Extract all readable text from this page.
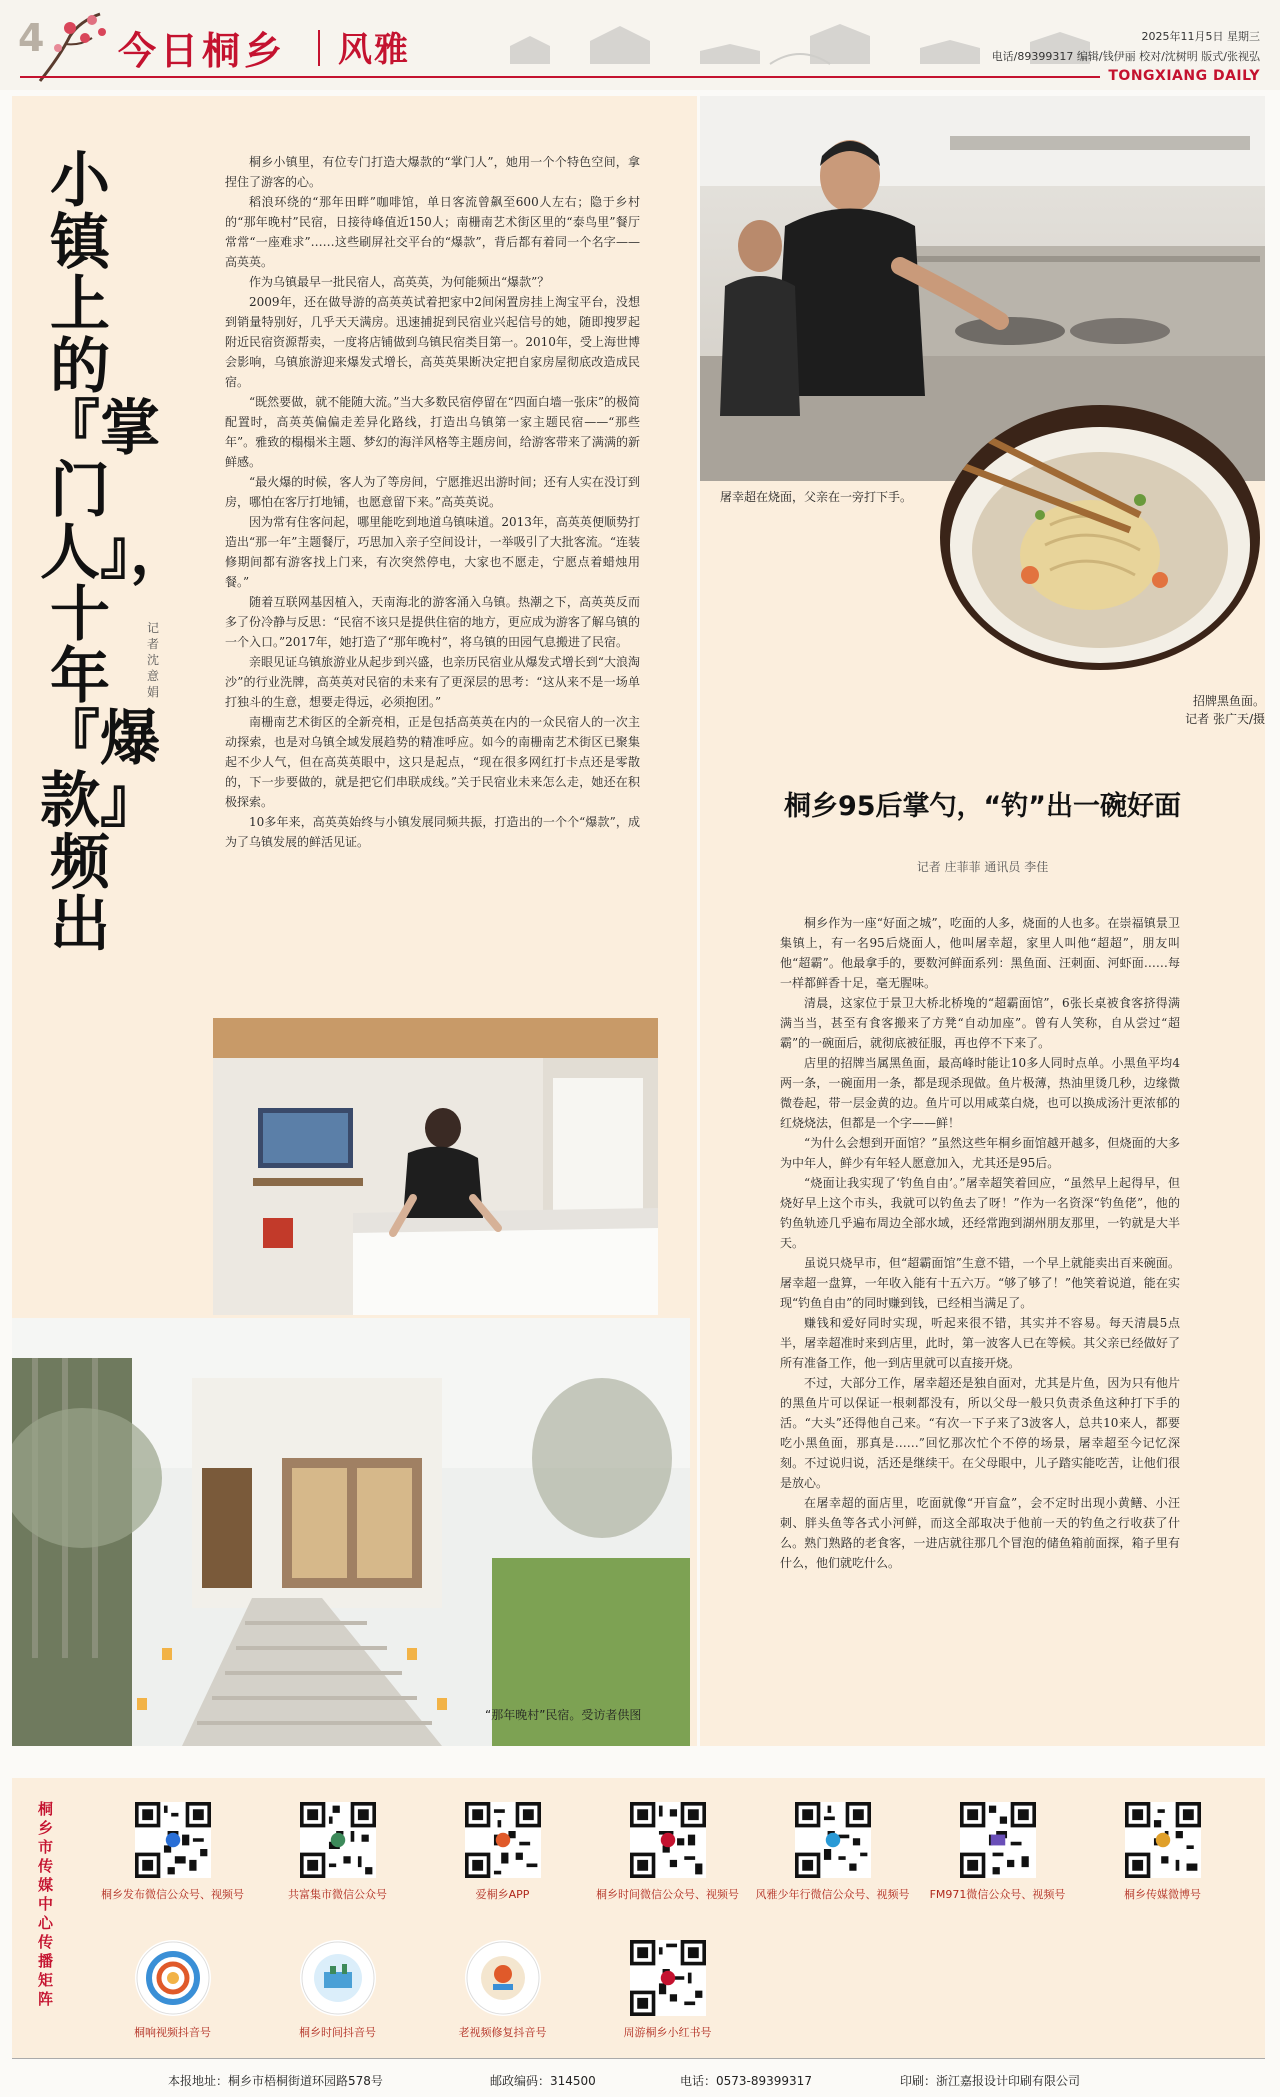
4 今日桐乡 风雅	2025年11月5日 星期三
电话/89399317 编辑/钱伊丽 校对/沈树明 版式/张视弘
TONGXIANG DAILY
小镇上的『掌门人』，十年『爆款』频出
记者 沈意娟

桐乡小镇里，有位专门打造大爆款的“掌门人”，她用一个个特色空间，拿捏住了游客的心。

稻浪环绕的“那年田畔”咖啡馆，单日客流曾飙至600人左右；隐于乡村的“那年晚村”民宿，日接待峰值近150人；南栅南艺术街区里的“泰鸟里”餐厅常常“一座难求”……这些刷屏社交平台的“爆款”，背后都有着同一个名字——高英英。

作为乌镇最早一批民宿人，高英英，为何能频出“爆款”？

2009年，还在做导游的高英英试着把家中2间闲置房挂上淘宝平台，没想到销量特别好，几乎天天满房。迅速捕捉到民宿业兴起信号的她，随即搜罗起附近民宿资源帮卖，一度将店铺做到乌镇民宿类目第一。2010年，受上海世博会影响，乌镇旅游迎来爆发式增长，高英英果断决定把自家房屋彻底改造成民宿。

“既然要做，就不能随大流。”当大多数民宿停留在“四面白墙一张床”的极简配置时，高英英偏偏走差异化路线，打造出乌镇第一家主题民宿——“那些年”。雅致的榻榻米主题、梦幻的海洋风格等主题房间，给游客带来了满满的新鲜感。

“最火爆的时候，客人为了等房间，宁愿推迟出游时间；还有人实在没订到房，哪怕在客厅打地铺，也愿意留下来。”高英英说。

因为常有住客问起，哪里能吃到地道乌镇味道。2013年，高英英便顺势打造出“那一年”主题餐厅，巧思加入亲子空间设计，一举吸引了大批客流。“连装修期间都有游客找上门来，有次突然停电，大家也不愿走，宁愿点着蜡烛用餐。”

随着互联网基因植入，天南海北的游客涌入乌镇。热潮之下，高英英反而多了份冷静与反思：“民宿不该只是提供住宿的地方，更应成为游客了解乌镇的一个入口。”2017年，她打造了“那年晚村”，将乌镇的田园气息搬进了民宿。

亲眼见证乌镇旅游业从起步到兴盛，也亲历民宿业从爆发式增长到“大浪淘沙”的行业洗牌，高英英对民宿的未来有了更深层的思考：“这从来不是一场单打独斗的生意，想要走得远，必须抱团。”

南栅南艺术街区的全新亮相，正是包括高英英在内的一众民宿人的一次主动探索，也是对乌镇全域发展趋势的精准呼应。如今的南栅南艺术街区已聚集起不少人气，但在高英英眼中，这只是起点，“现在很多网红打卡点还是零散的，下一步要做的，就是把它们串联成线。”关于民宿业未来怎么走，她还在积极探索。

10多年来，高英英始终与小镇发展同频共振，打造出的一个个“爆款”，成为了乌镇发展的鲜活见证。

屠幸超在烧面，父亲在一旁打下手。
招牌黑鱼面。
记者 张广天/摄
桐乡95后掌勺，“钓”出一碗好面
记者 庄菲菲 通讯员 李佳

桐乡作为一座“好面之城”，吃面的人多，烧面的人也多。在崇福镇景卫集镇上，有一名95后烧面人，他叫屠幸超，家里人叫他“超超”，朋友叫他“超霸”。他最拿手的，要数河鲜面系列：黑鱼面、汪刺面、河虾面……每一样都鲜香十足，毫无腥味。

清晨，这家位于景卫大桥北桥堍的“超霸面馆”，6张长桌被食客挤得满满当当，甚至有食客搬来了方凳“自动加座”。曾有人笑称，自从尝过“超霸”的一碗面后，就彻底被征服，再也停不下来了。

店里的招牌当属黑鱼面，最高峰时能让10多人同时点单。小黑鱼平均4两一条，一碗面用一条，都是现杀现做。鱼片极薄，热油里烫几秒，边缘微微卷起，带一层金黄的边。鱼片可以用咸菜白烧，也可以换成汤汁更浓郁的红烧烧法，但都是一个字——鲜！

“为什么会想到开面馆？”虽然这些年桐乡面馆越开越多，但烧面的大多为中年人，鲜少有年轻人愿意加入，尤其还是95后。

“烧面让我实现了‘钓鱼自由’。”屠幸超笑着回应，“虽然早上起得早，但烧好早上这个市头，我就可以钓鱼去了呀！”作为一名资深“钓鱼佬”，他的钓鱼轨迹几乎遍布周边全部水域，还经常跑到湖州朋友那里，一钓就是大半天。

虽说只烧早市，但“超霸面馆”生意不错，一个早上就能卖出百来碗面。屠幸超一盘算，一年收入能有十五六万。“够了够了！”他笑着说道，能在实现“钓鱼自由”的同时赚到钱，已经相当满足了。

赚钱和爱好同时实现，听起来很不错，其实并不容易。每天清晨5点半，屠幸超准时来到店里，此时，第一波客人已在等候。其父亲已经做好了所有准备工作，他一到店里就可以直接开烧。

不过，大部分工作，屠幸超还是独自面对，尤其是片鱼，因为只有他片的黑鱼片可以保证一根刺都没有，所以父母一般只负责杀鱼这种打下手的活。“大头”还得他自己来。“有次一下子来了3波客人，总共10来人，都要吃小黑鱼面，那真是……”回忆那次忙个不停的场景，屠幸超至今记忆深刻。不过说归说，活还是继续干。在父母眼中，儿子踏实能吃苦，让他们很是放心。

在屠幸超的面店里，吃面就像“开盲盒”，会不定时出现小黄鳝、小汪刺、胖头鱼等各式小河鲜，而这全部取决于他前一天的钓鱼之行收获了什么。熟门熟路的老食客，一进店就往那几个冒泡的储鱼箱前面探，箱子里有什么，他们就吃什么。

“那年晚村”民宿。受访者供图
桐乡市传媒中心传播矩阵
桐乡发布微信公众号、视频号	共富集市微信公众号	爱桐乡APP	桐乡时间微信公众号、视频号	风雅少年行微信公众号、视频号	FM971微信公众号、视频号	桐乡传媒微博号
桐响视频抖音号	桐乡时间抖音号	老视频修复抖音号	周游桐乡小红书号
本报地址：桐乡市梧桐街道环园路578号	邮政编码：314500	电话：0573-89399317	印刷：浙江嘉报设计印刷有限公司
